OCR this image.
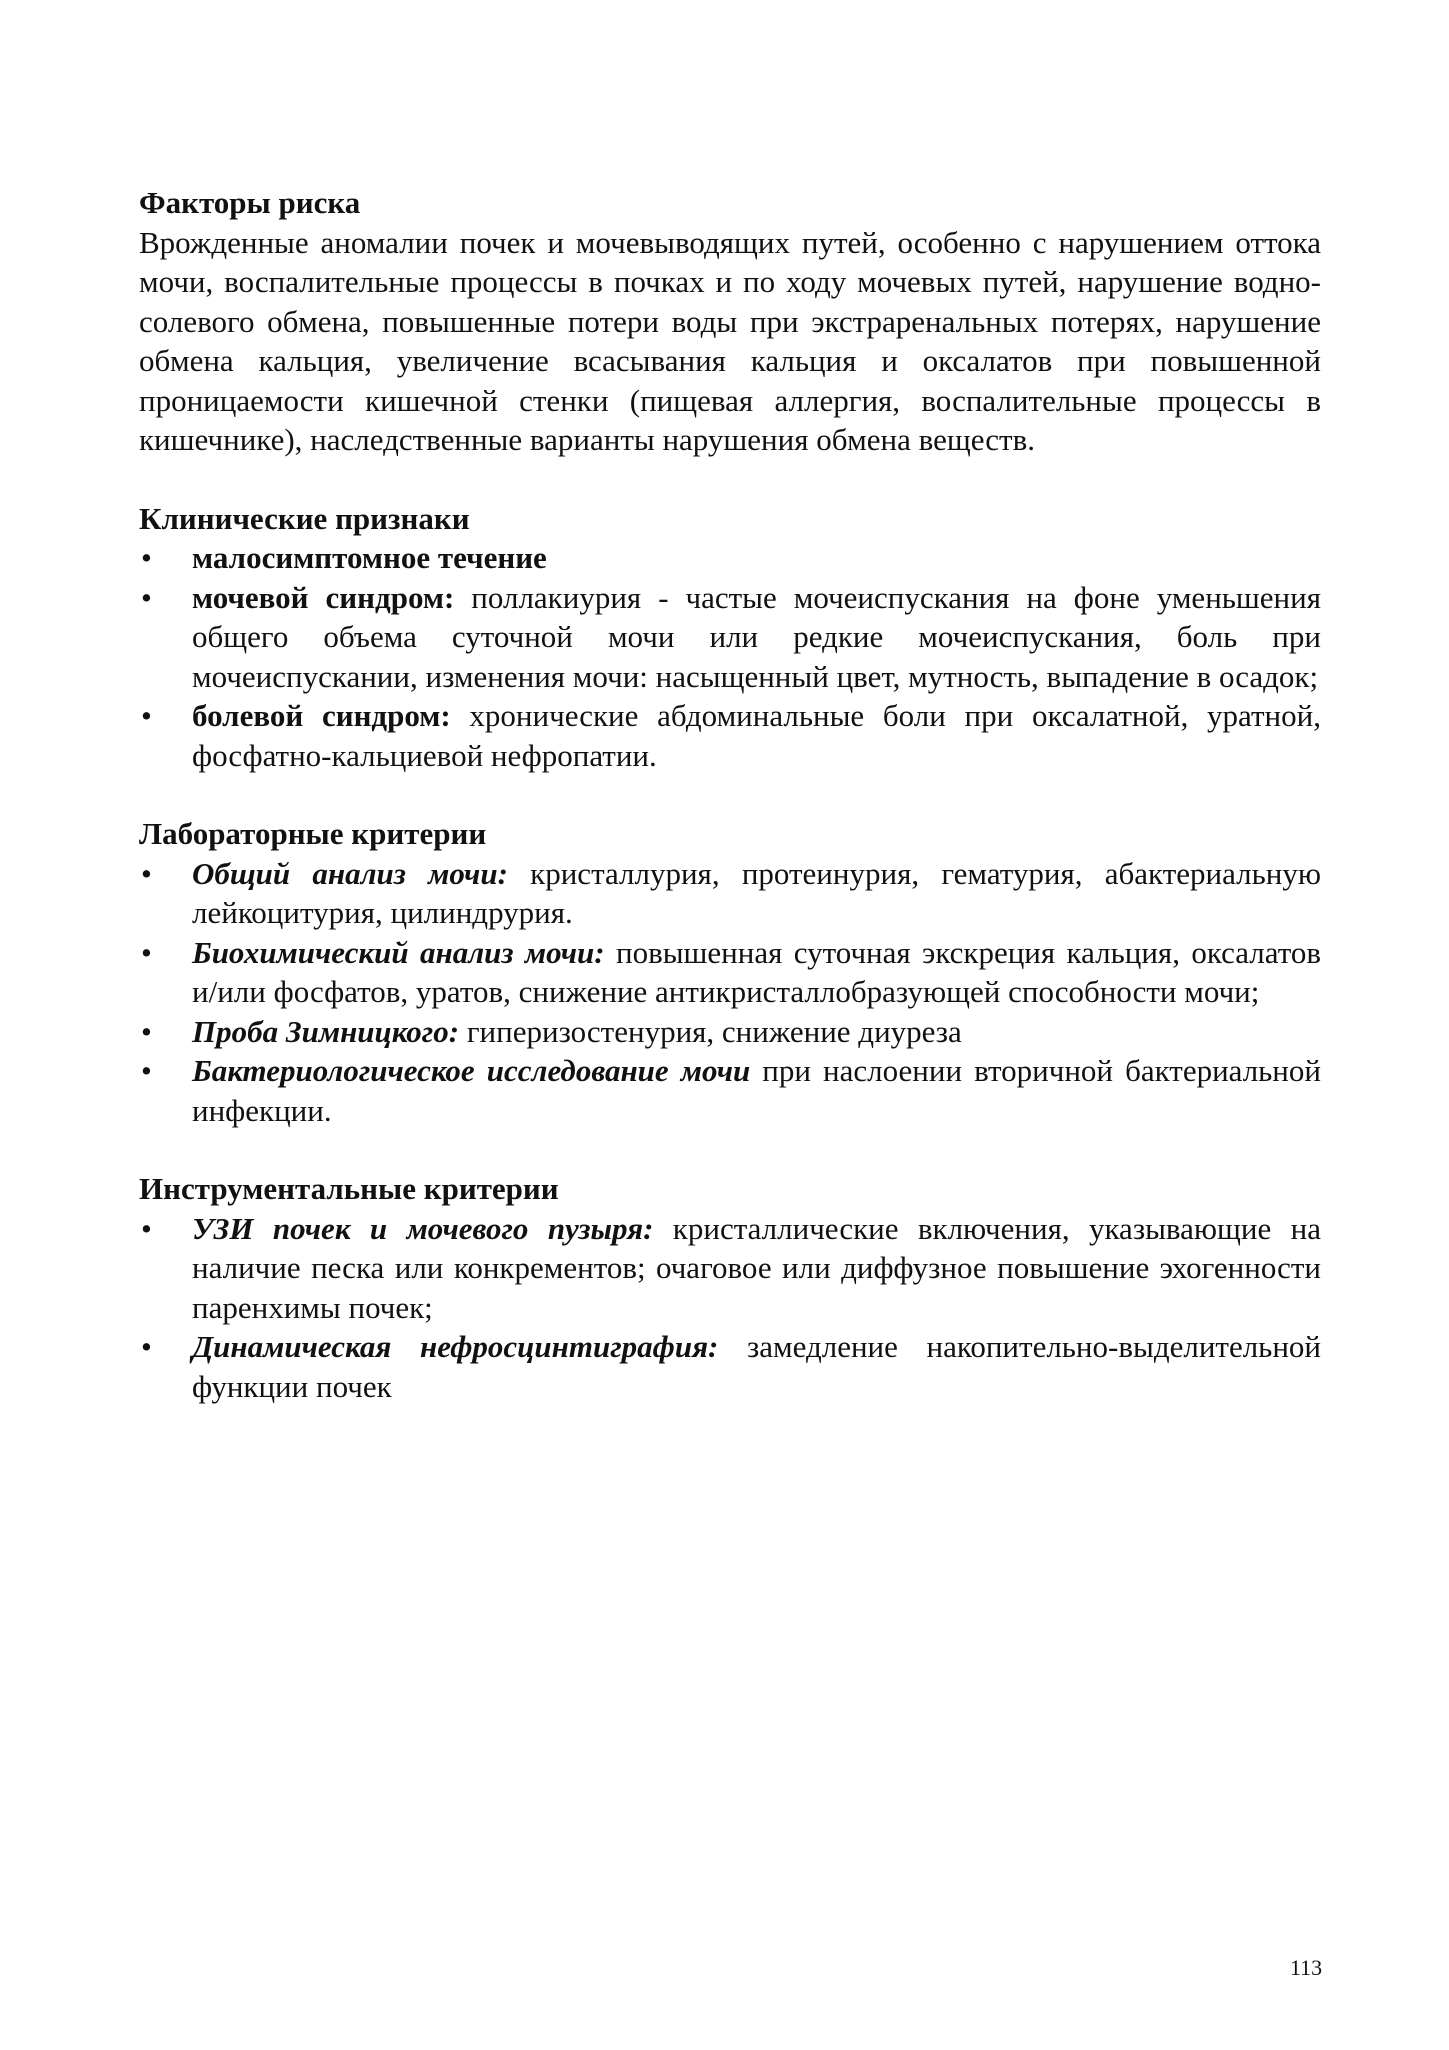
Факторы риска

Врожденные аномалии почек и мочевыводящих путей, особенно с нарушением оттока мочи, воспалительные процессы в почках и по ходу мочевых путей, нарушение водно-солевого обмена, повышенные потери воды при экстраренальных потерях, нарушение обмена кальция, увеличение всасывания кальция и оксалатов при повышенной проницаемости кишечной стенки (пищевая аллергия, воспалительные процессы в кишечнике), наследственные варианты нарушения обмена веществ.

Клинические признаки

• малосимптомное течение
• мочевой синдром: поллакиурия - частые мочеиспускания на фоне уменьшения общего объема суточной мочи или редкие мочеиспускания, боль при мочеиспускании, изменения мочи: насыщенный цвет, мутность, выпадение в осадок;
• болевой синдром: хронические абдоминальные боли при оксалатной, уратной, фосфатно-кальциевой нефропатии.

Лабораторные критерии

• Общий анализ мочи: кристаллурия, протеинурия, гематурия, абактериальную лейкоцитурия, цилиндрурия.
• Биохимический анализ мочи: повышенная суточная экскреция кальция, оксалатов и/или фосфатов, уратов, снижение антикристаллобразующей способности мочи;
• Проба Зимницкого: гиперизостенурия, снижение диуреза
• Бактериологическое исследование мочи при наслоении вторичной бактериальной инфекции.

Инструментальные критерии

• УЗИ почек и мочевого пузыря: кристаллические включения, указывающие на наличие песка или конкрементов; очаговое или диффузное повышение эхогенности паренхимы почек;
• Динамическая нефросцинтиграфия: замедление накопительно-выделительной функции почек
113
